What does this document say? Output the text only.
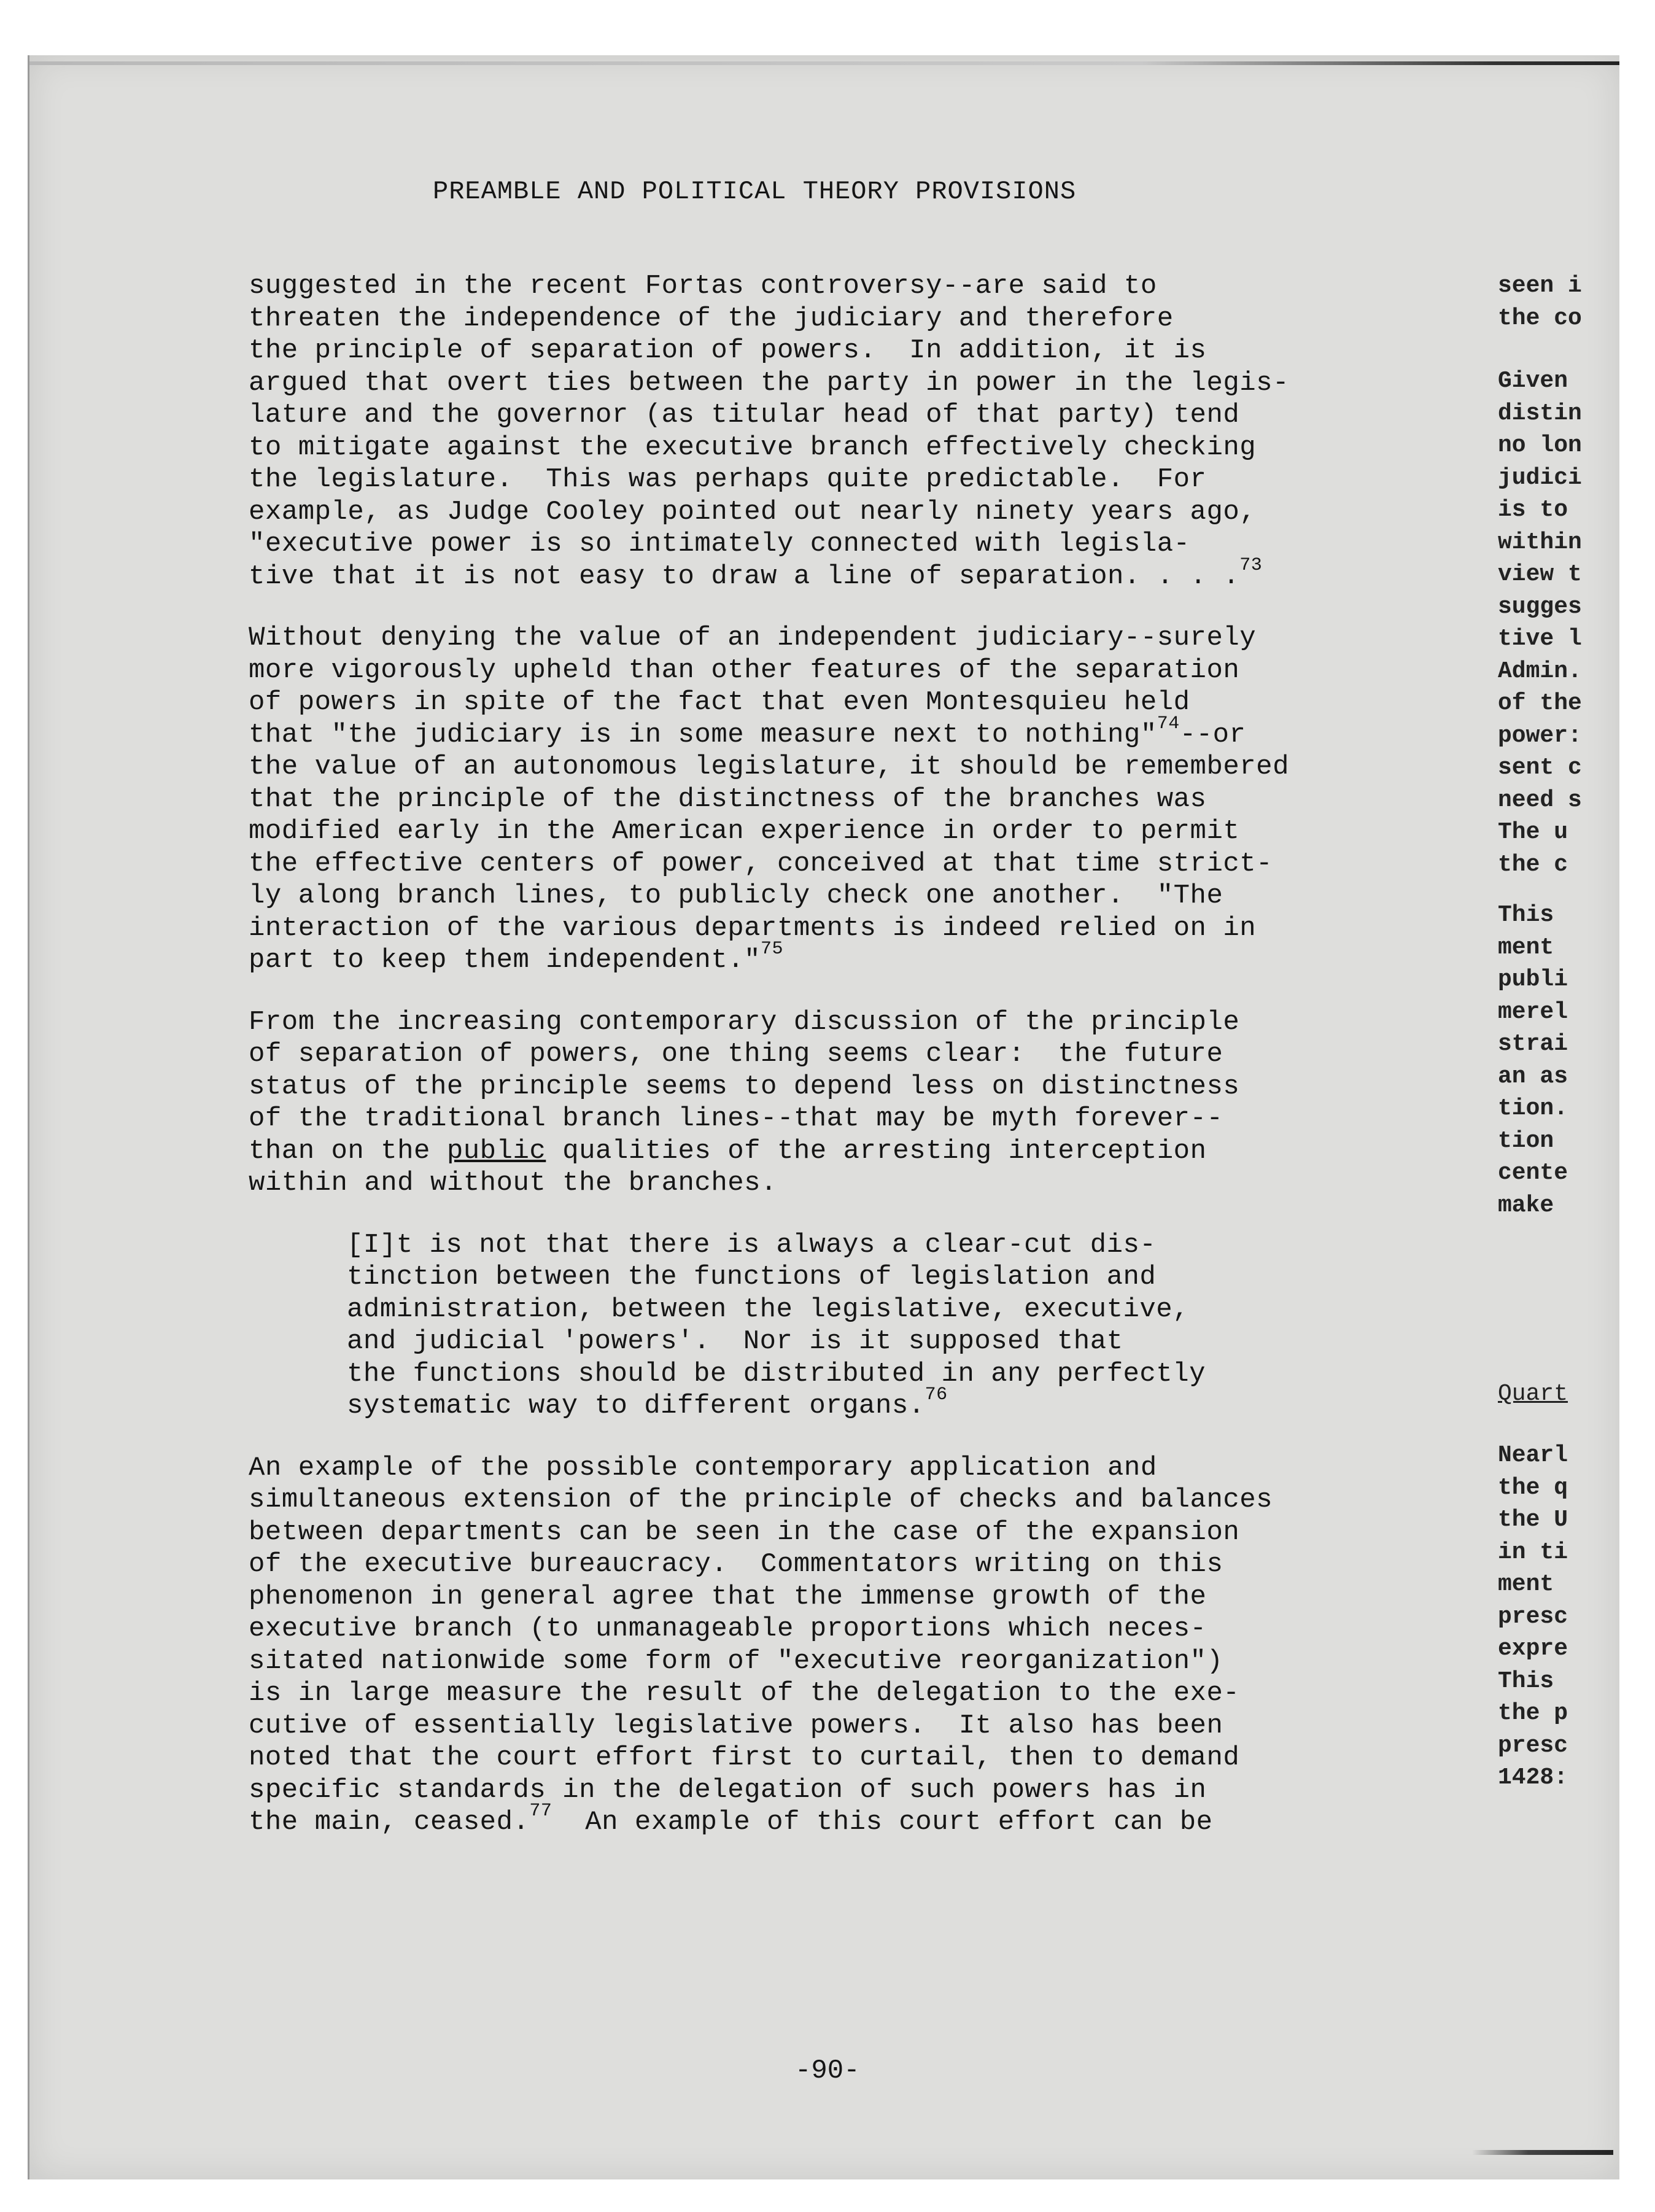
PREAMBLE AND POLITICAL THEORY PROVISIONS
suggested in the recent Fortas controversy--are said to
threaten the independence of the judiciary and therefore
the principle of separation of powers.  In addition, it is
argued that overt ties between the party in power in the legis-
lature and the governor (as titular head of that party) tend
to mitigate against the executive branch effectively checking
the legislature.  This was perhaps quite predictable.  For
example, as Judge Cooley pointed out nearly ninety years ago,
"executive power is so intimately connected with legisla-
tive that it is not easy to draw a line of separation. . . .$^{73}$
Without denying the value of an independent judiciary--surely
more vigorously upheld than other features of the separation
of powers in spite of the fact that even Montesquieu held
that "the judiciary is in some measure next to nothing"$^{74}$--or
the value of an autonomous legislature, it should be remembered
that the principle of the distinctness of the branches was
modified early in the American experience in order to permit
the effective centers of power, conceived at that time strict-
ly along branch lines, to publicly check one another.  "The
interaction of the various departments is indeed relied on in
part to keep them independent."$^{75}$
From the increasing contemporary discussion of the principle
of separation of powers, one thing seems clear:  the future
status of the principle seems to depend less on distinctness
of the traditional branch lines--that may be myth forever--
than on the public qualities of the arresting interception
within and without the branches.
[I]t is not that there is always a clear-cut dis-
tinction between the functions of legislation and
administration, between the legislative, executive,
and judicial 'powers'.  Nor is it supposed that
the functions should be distributed in any perfectly
systematic way to different organs.$^{76}$
An example of the possible contemporary application and
simultaneous extension of the principle of checks and balances
between departments can be seen in the case of the expansion
of the executive bureaucracy.  Commentators writing on this
phenomenon in general agree that the immense growth of the
executive branch (to unmanageable proportions which neces-
sitated nationwide some form of "executive reorganization")
is in large measure the result of the delegation to the exe-
cutive of essentially legislative powers.  It also has been
noted that the court effort first to curtail, then to demand
specific standards in the delegation of such powers has in
the main, ceased.$^{77}$  An example of this court effort can be
-90-
seen i
the co
Given
distin
no lon
judici
is to
within
view t
sugges
tive l
Admin.
of the
power:
sent c
need s
The u
the c
This
ment
publi
merel
strai
an as
tion.
tion
cente
make
Quart
Nearl
the q
the U
in ti
ment
presc
expre
This
the p
presc
1428:
